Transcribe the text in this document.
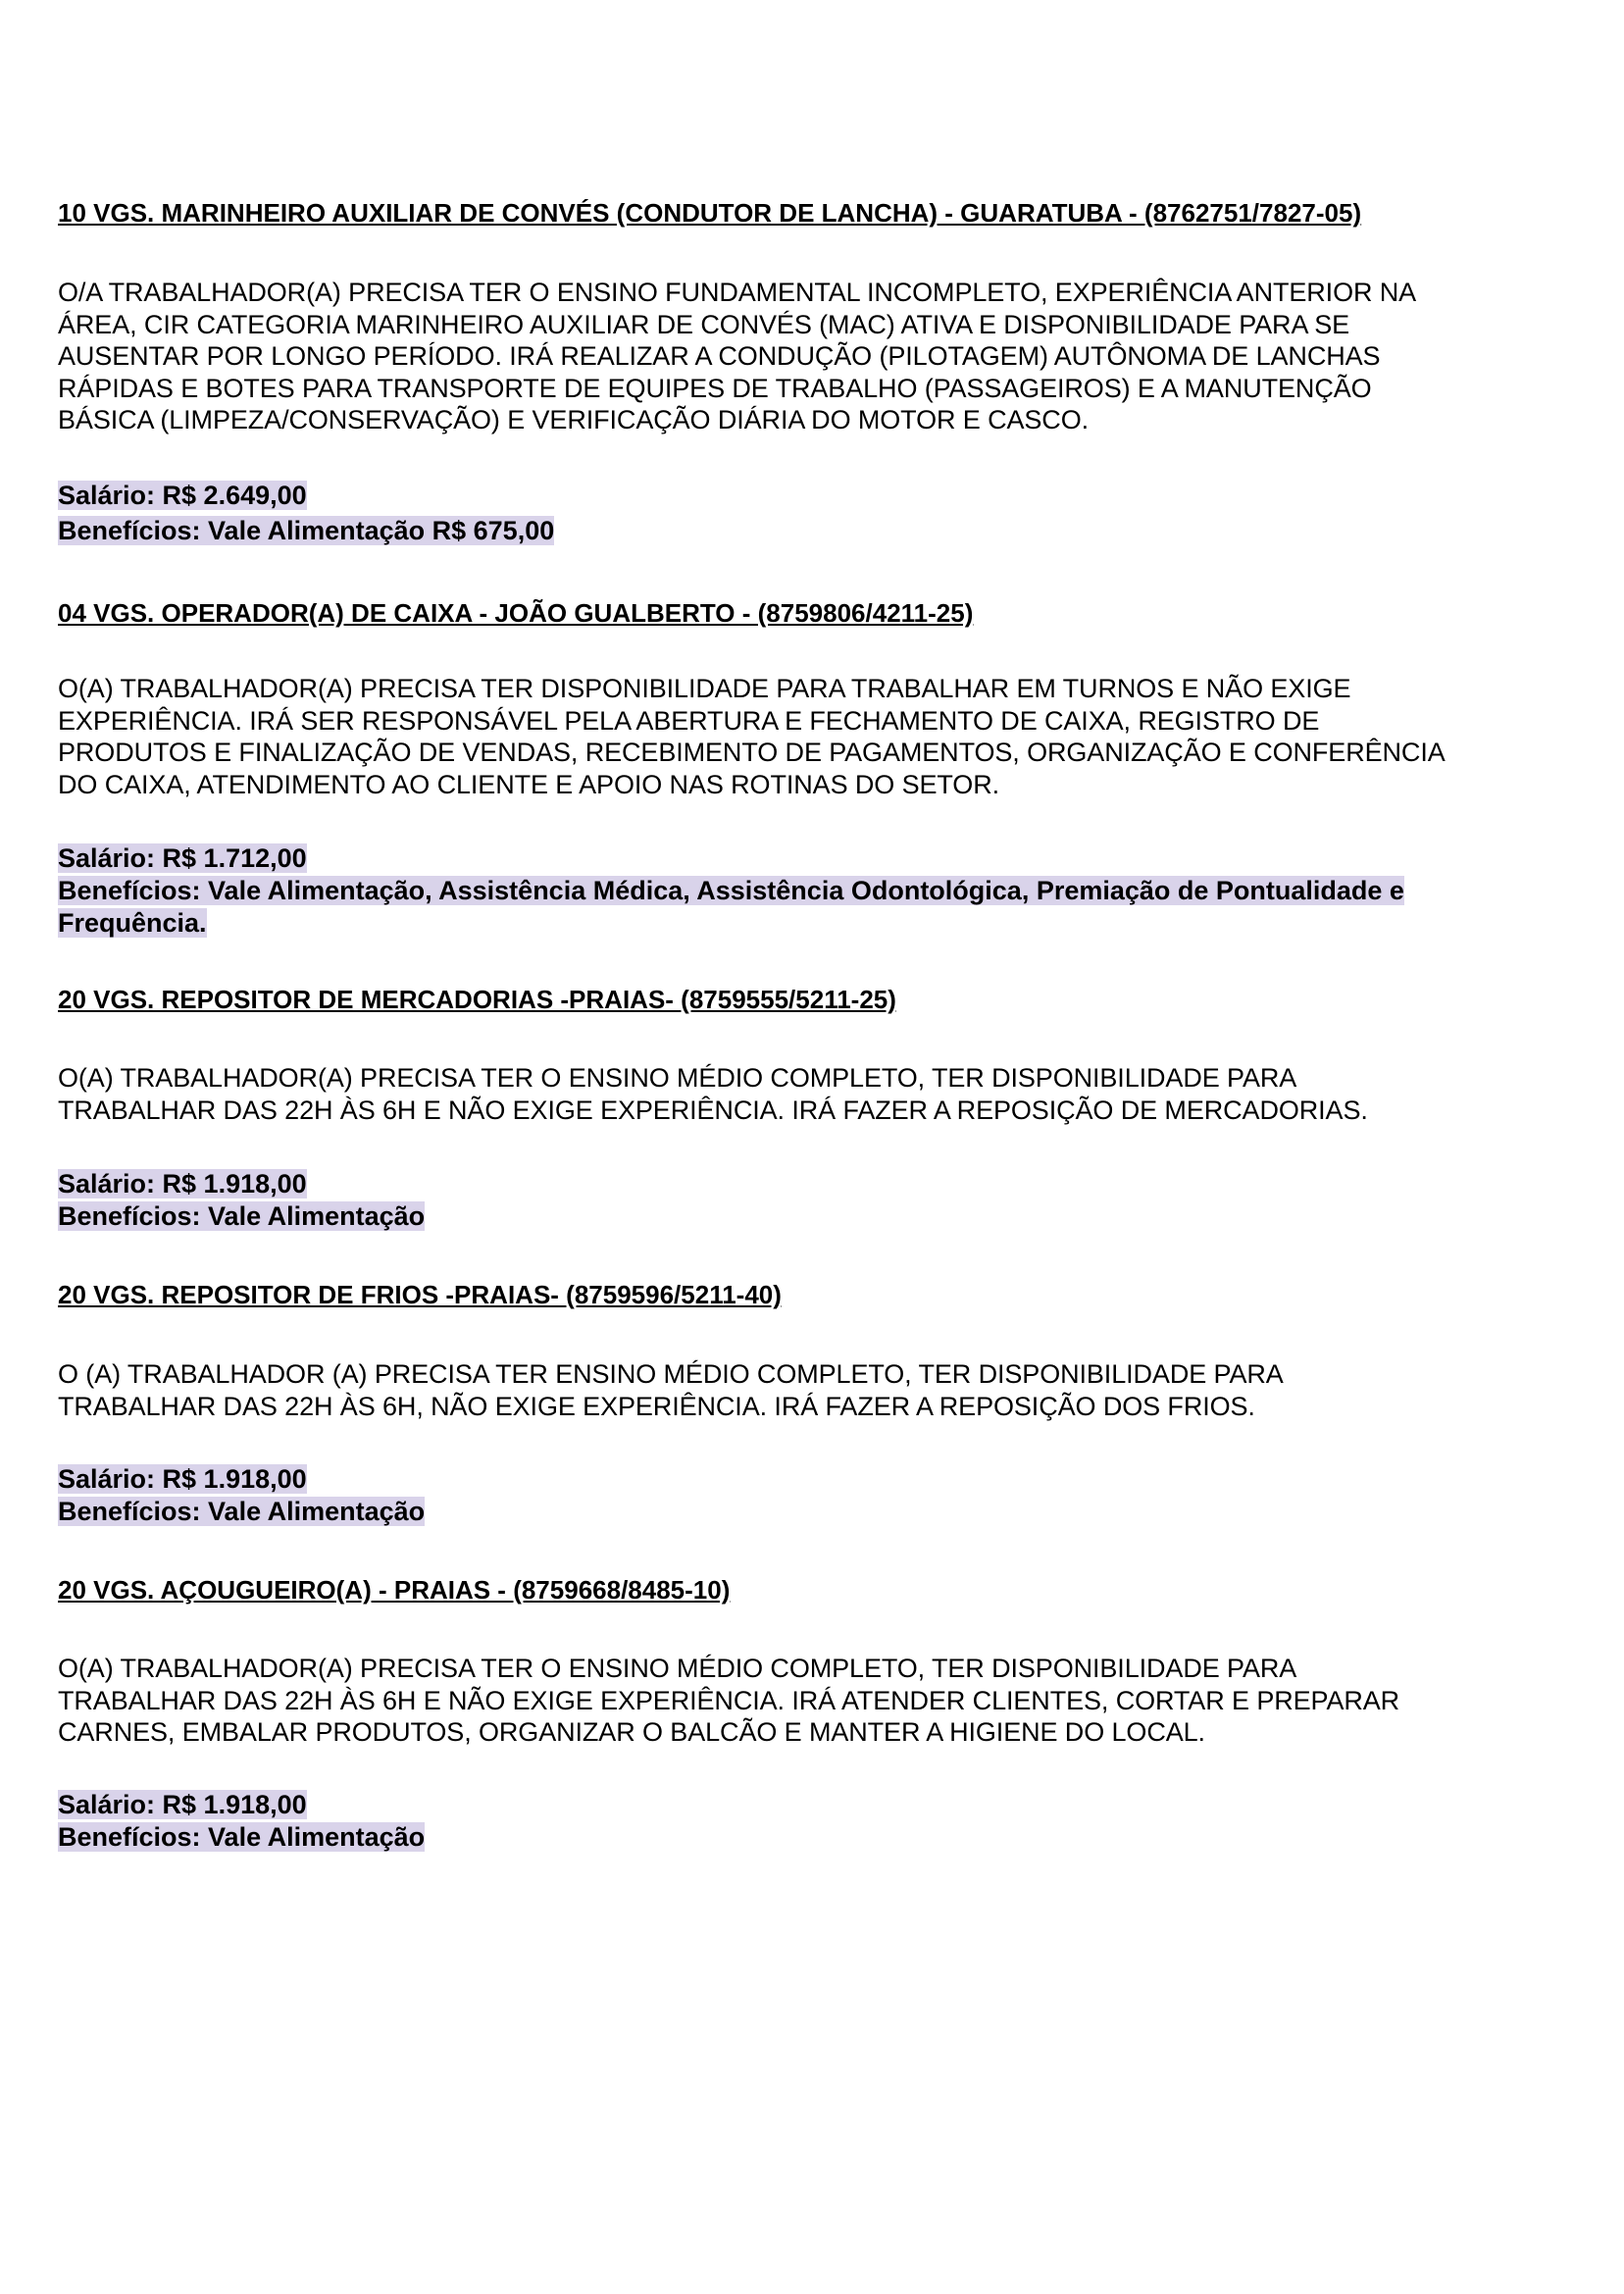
10 VGS. MARINHEIRO AUXILIAR DE CONVÉS (CONDUTOR DE LANCHA) - GUARATUBA - (8762751/7827-05)

O/A TRABALHADOR(A) PRECISA TER O ENSINO FUNDAMENTAL INCOMPLETO, EXPERIÊNCIA ANTERIOR NA
ÁREA, CIR CATEGORIA MARINHEIRO AUXILIAR DE CONVÉS (MAC) ATIVA E DISPONIBILIDADE PARA SE
AUSENTAR POR LONGO PERÍODO. IRÁ REALIZAR A CONDUÇÃO (PILOTAGEM) AUTÔNOMA DE LANCHAS
RÁPIDAS E BOTES PARA TRANSPORTE DE EQUIPES DE TRABALHO (PASSAGEIROS) E A MANUTENÇÃO
BÁSICA (LIMPEZA/CONSERVAÇÃO) E VERIFICAÇÃO DIÁRIA DO MOTOR E CASCO.

Salário: R$ 2.649,00

Benefícios: Vale Alimentação R$ 675,00

04 VGS. OPERADOR(A) DE CAIXA - JOÃO GUALBERTO - (8759806/4211-25)

O(A) TRABALHADOR(A) PRECISA TER DISPONIBILIDADE PARA TRABALHAR EM TURNOS E NÃO EXIGE
EXPERIÊNCIA. IRÁ SER RESPONSÁVEL PELA ABERTURA E FECHAMENTO DE CAIXA, REGISTRO DE
PRODUTOS E FINALIZAÇÃO DE VENDAS, RECEBIMENTO DE PAGAMENTOS, ORGANIZAÇÃO E CONFERÊNCIA
DO CAIXA, ATENDIMENTO AO CLIENTE E APOIO NAS ROTINAS DO SETOR.

Salário: R$ 1.712,00

Benefícios: Vale Alimentação, Assistência Médica, Assistência Odontológica, Premiação de Pontualidade e
Frequência.

20 VGS. REPOSITOR DE MERCADORIAS -PRAIAS- (8759555/5211-25)

O(A) TRABALHADOR(A) PRECISA TER O ENSINO MÉDIO COMPLETO, TER DISPONIBILIDADE PARA
TRABALHAR DAS 22H ÀS 6H E NÃO EXIGE EXPERIÊNCIA. IRÁ FAZER A REPOSIÇÃO DE MERCADORIAS.

Salário: R$ 1.918,00

Benefícios: Vale Alimentação

20 VGS. REPOSITOR DE FRIOS -PRAIAS- (8759596/5211-40)

O (A) TRABALHADOR (A) PRECISA TER ENSINO MÉDIO COMPLETO, TER DISPONIBILIDADE PARA
TRABALHAR DAS 22H ÀS 6H, NÃO EXIGE EXPERIÊNCIA. IRÁ FAZER A REPOSIÇÃO DOS FRIOS.

Salário: R$ 1.918,00

Benefícios: Vale Alimentação

20 VGS. AÇOUGUEIRO(A) - PRAIAS - (8759668/8485-10)

O(A) TRABALHADOR(A) PRECISA TER O ENSINO MÉDIO COMPLETO, TER DISPONIBILIDADE PARA
TRABALHAR DAS 22H ÀS 6H E NÃO EXIGE EXPERIÊNCIA. IRÁ ATENDER CLIENTES, CORTAR E PREPARAR
CARNES, EMBALAR PRODUTOS, ORGANIZAR O BALCÃO E MANTER A HIGIENE DO LOCAL.

Salário: R$ 1.918,00

Benefícios: Vale Alimentação
